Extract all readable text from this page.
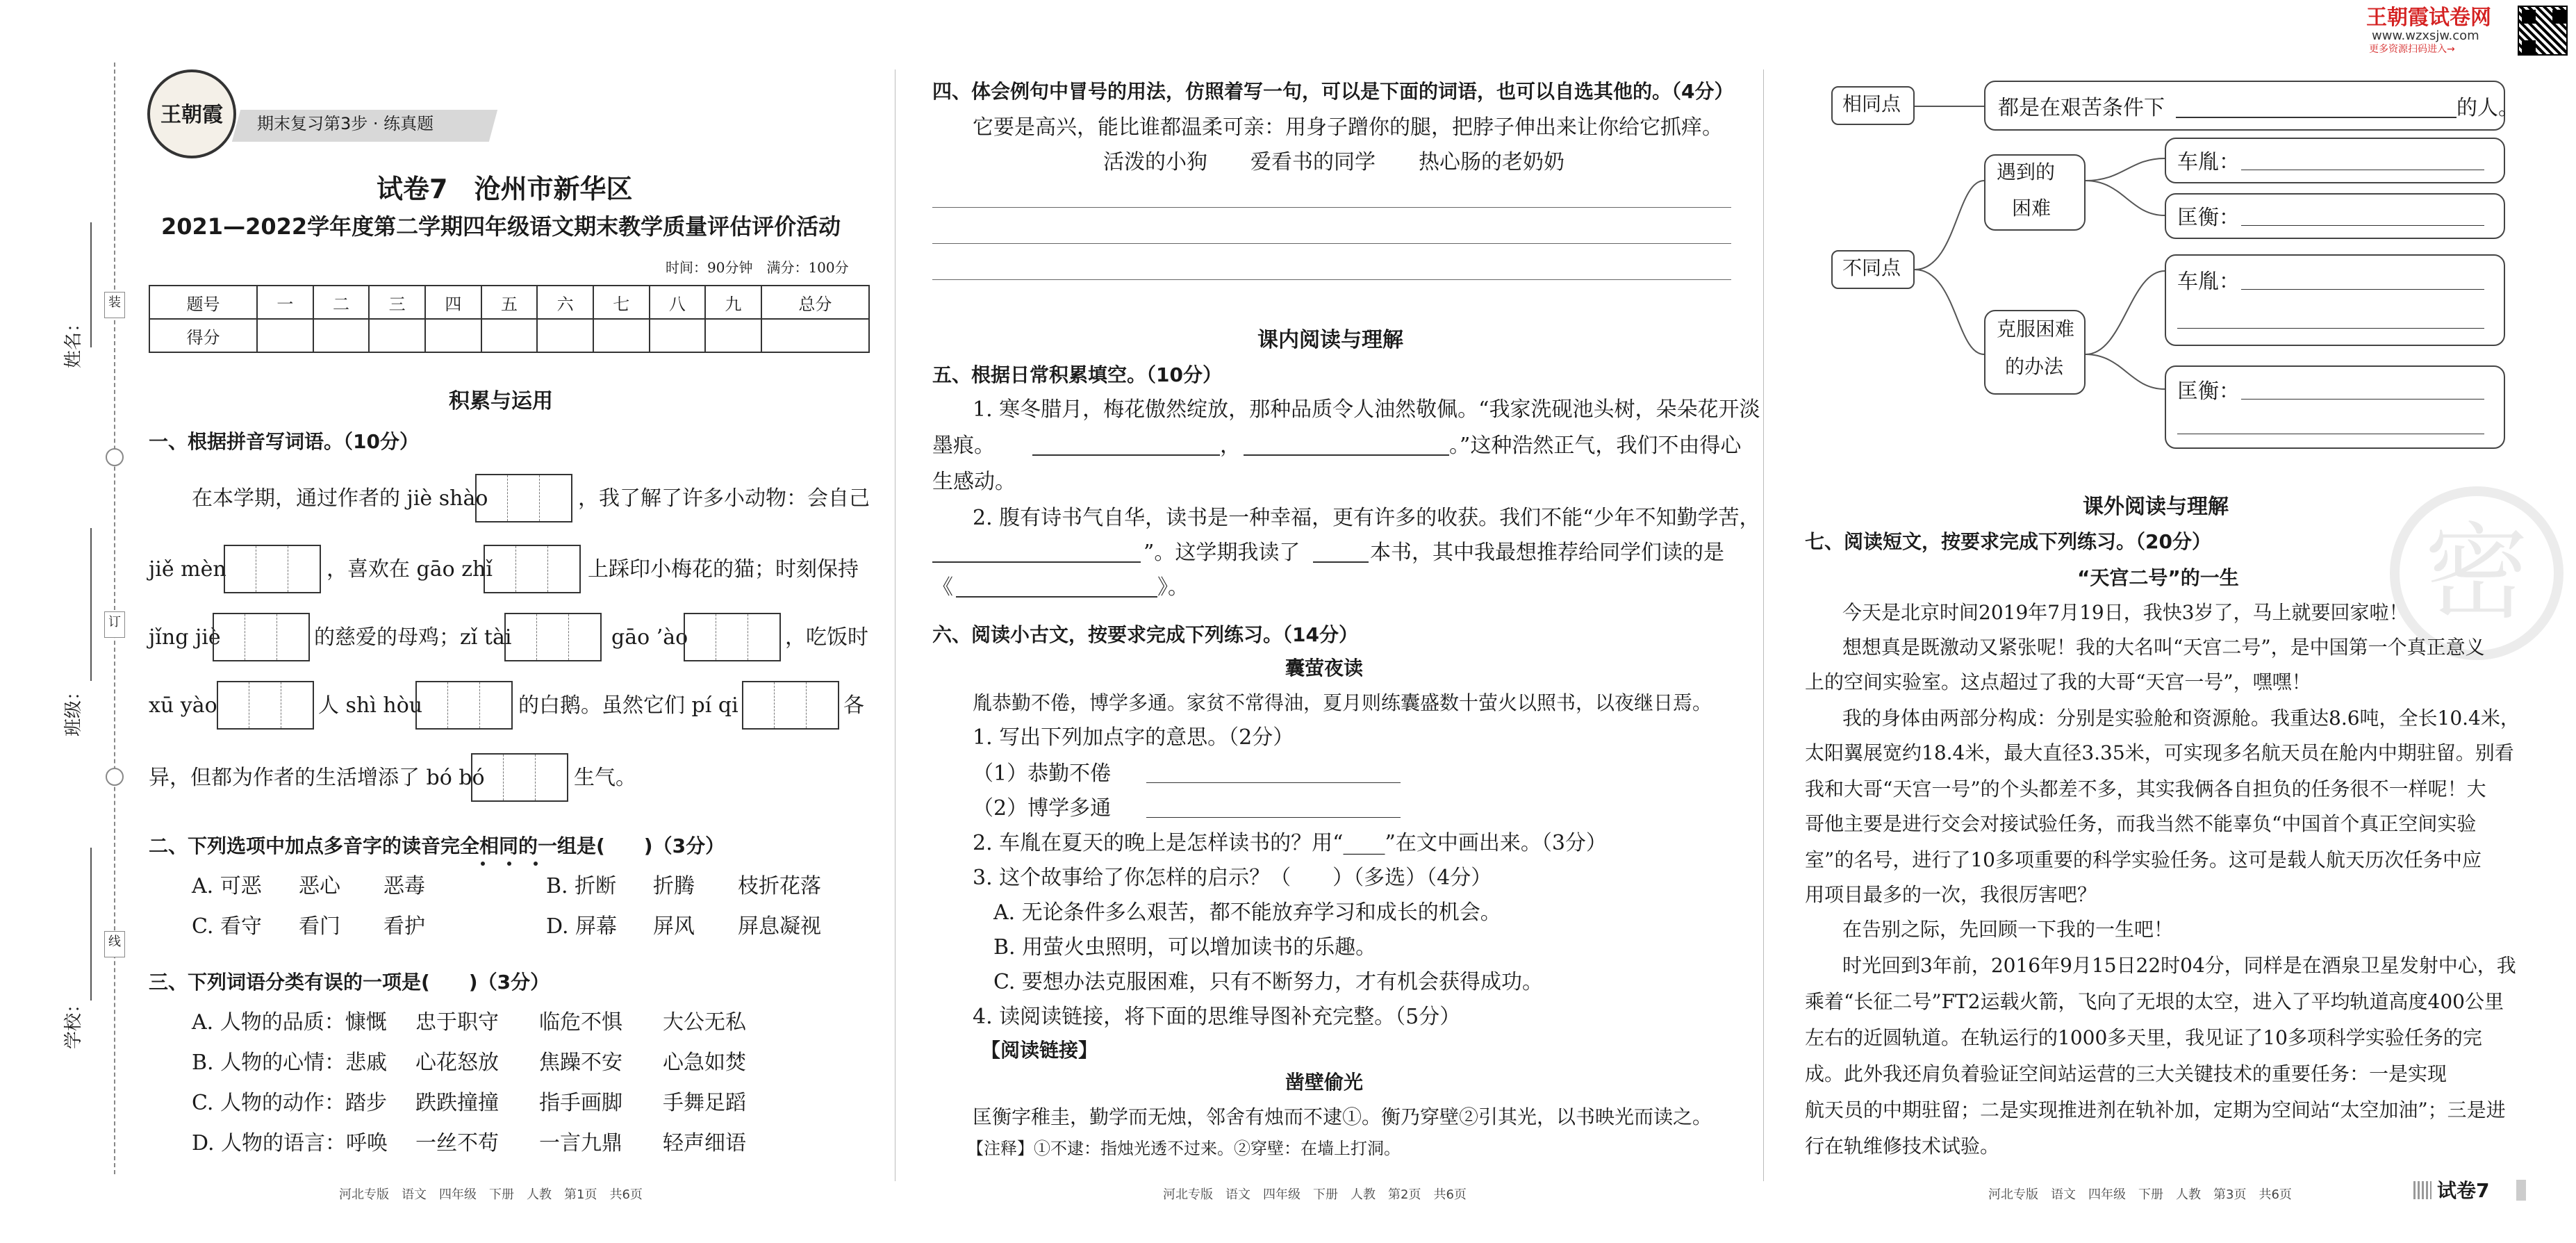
装
订
线
姓名：
班级：
学校：
王朝霞	期末复习第3步 · 练真题
试卷7　沧州市新华区
2021—2022学年度第二学期四年级语文期末教学质量评估评价活动
时间：90分钟　满分：100分
题号	一	二	三	四	五	六	七	八	九	总分
得分										
积累与运用
一、根据拼音写词语。（10分）
在本学期，通过作者的 jiè shào	，我了解了许多小动物：会自己
jiě mèn	，喜欢在 gāo zhǐ	上踩印小梅花的猫；时刻保持
jǐng jiè	的慈爱的母鸡；zǐ tài	gāo ’ào	，吃饭时
xū yào	人 shì hòu	的白鹅。虽然它们 pí qi	各
异，但都为作者的生活增添了 bó bó	生气。
二、下列选项中加点多音字的读音完全相同的一组是(　　)（3分）
A. 可恶 恶心 恶毒	B. 折断 折腾 枝折花落
C. 看守 看门 看护	D. 屏幕 屏风 屏息凝视
三、下列词语分类有误的一项是(　　)（3分）
A. 人物的品质：慷慨 忠于职守 临危不惧 大公无私
B. 人物的心情：悲戚 心花怒放 焦躁不安 心急如焚
C. 人物的动作：踏步 跌跌撞撞 指手画脚 手舞足蹈
D. 人物的语言：呼唤 一丝不苟 一言九鼎 轻声细语
河北专版　语文　四年级　下册　人教　第1页　共6页
四、体会例句中冒号的用法，仿照着写一句，可以是下面的词语，也可以自选其他的。（4分）
它要是高兴，能比谁都温柔可亲：用身子蹭你的腿，把脖子伸出来让你给它抓痒。
活泼的小狗 爱看书的同学 热心肠的老奶奶
课内阅读与理解
五、根据日常积累填空。（10分）
1. 寒冬腊月，梅花傲然绽放，那种品质令人油然敬佩。“我家洗砚池头树，朵朵花开淡
墨痕。	，	。”这种浩然正气，我们不由得心
生感动。
2. 腹有诗书气自华，读书是一种幸福，更有许多的收获。我们不能“少年不知勤学苦，
”。这学期我读了	本书，其中我最想推荐给同学们读的是
《	》。
六、阅读小古文，按要求完成下列练习。（14分）
囊萤夜读
胤恭勤不倦，博学多通。家贫不常得油，夏月则练囊盛数十萤火以照书，以夜继日焉。
1. 写出下列加点字的意思。（2分）
（1）恭勤不倦
（2）博学多通
2. 车胤在夏天的晚上是怎样读书的？用“____”在文中画出来。（3分）
3. 这个故事给了你怎样的启示？（　　）（多选）（4分）
A. 无论条件多么艰苦，都不能放弃学习和成长的机会。
B. 用萤火虫照明，可以增加读书的乐趣。
C. 要想办法克服困难，只有不断努力，才有机会获得成功。
4. 读阅读链接，将下面的思维导图补充完整。（5分）
【阅读链接】
凿壁偷光
匡衡字稚圭，勤学而无烛，邻舍有烛而不逮①。衡乃穿壁②引其光，以书映光而读之。
【注释】①不逮：指烛光透不过来。②穿壁：在墙上打洞。
河北专版　语文　四年级　下册　人教　第2页　共6页
相同点	都是在艰苦条件下	的人。
不同点
遇到的
困难
克服困难
的办法
车胤：
匡衡：
车胤：
匡衡：
密
课外阅读与理解
七、阅读短文，按要求完成下列练习。（20分）
“天宫二号”的一生
今天是北京时间2019年7月19日，我快3岁了，马上就要回家啦！
想想真是既激动又紧张呢！我的大名叫“天宫二号”，是中国第一个真正意义
上的空间实验室。这点超过了我的大哥“天宫一号”，嘿嘿！
我的身体由两部分构成：分别是实验舱和资源舱。我重达8.6吨，全长10.4米，
太阳翼展宽约18.4米，最大直径3.35米，可实现多名航天员在舱内中期驻留。别看
我和大哥“天宫一号”的个头都差不多，其实我俩各自担负的任务很不一样呢！大
哥他主要是进行交会对接试验任务，而我当然不能辜负“中国首个真正空间实验
室”的名号，进行了10多项重要的科学实验任务。这可是载人航天历次任务中应
用项目最多的一次，我很厉害吧？
在告别之际，先回顾一下我的一生吧！
时光回到3年前，2016年9月15日22时04分，同样是在酒泉卫星发射中心，我
乘着“长征二号”FT2运载火箭，飞向了无垠的太空，进入了平均轨道高度400公里
左右的近圆轨道。在轨运行的1000多天里，我见证了10多项科学实验任务的完
成。此外我还肩负着验证空间站运营的三大关键技术的重要任务：一是实现
航天员的中期驻留；二是实现推进剂在轨补加，定期为空间站“太空加油”；三是进
行在轨维修技术试验。
河北专版　语文　四年级　下册　人教　第3页　共6页	试卷7
王朝霞试卷网
www.wzxsjw.com
更多资源扫码进入→
